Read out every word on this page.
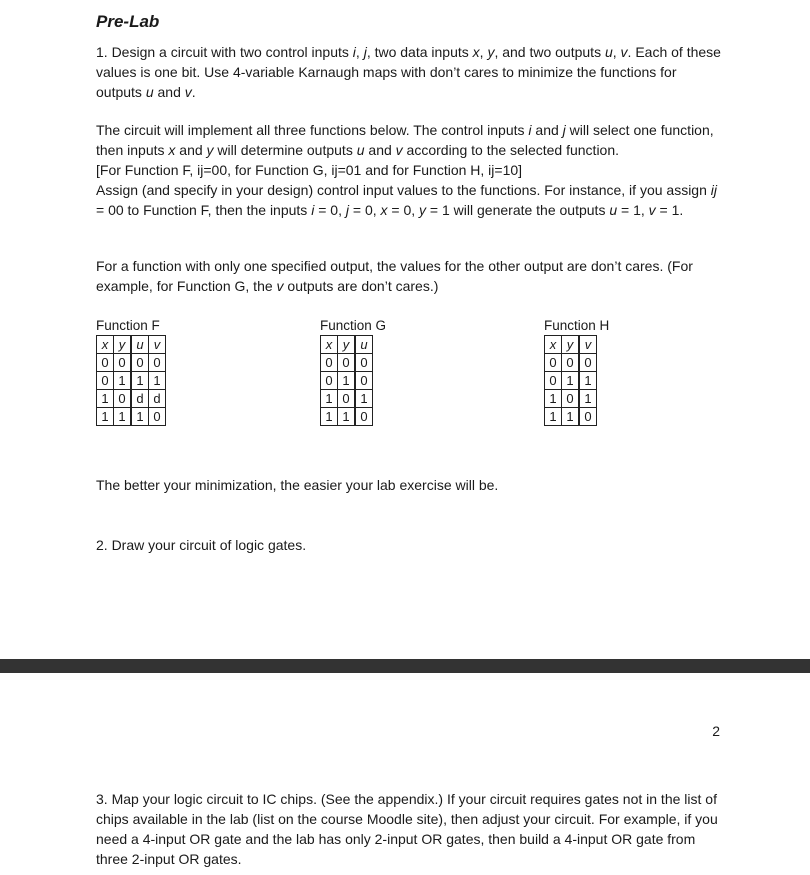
Pre-Lab

1. Design a circuit with two control inputs i, j, two data inputs x, y, and two outputs u, v. Each of these values is one bit. Use 4-variable Karnaugh maps with don’t cares to minimize the functions for outputs u and v.

The circuit will implement all three functions below. The control inputs i and j will select one function, then inputs x and y will determine outputs u and v according to the selected function.
[For Function F, ij=00, for Function G, ij=01 and for Function H, ij=10]
Assign (and specify in your design) control input values to the functions. For instance, if you assign ij = 00 to Function F, then the inputs i = 0, j = 0, x = 0, y = 1 will generate the outputs u = 1, v = 1.

For a function with only one specified output, the values for the other output are don’t cares. (For example, for Function G, the v outputs are don’t cares.)

Function F
x	y	u	v
0	0	0	0
0	1	1	1
1	0	d	d
1	1	1	0
Function G
x	y	u
0	0	0
0	1	0
1	0	1
1	1	0
Function H
x	y	v
0	0	0
0	1	1
1	0	1
1	1	0
The better your minimization, the easier your lab exercise will be.
2. Draw your circuit of logic gates.
2
3. Map your logic circuit to IC chips. (See the appendix.) If your circuit requires gates not in the list of chips available in the lab (list on the course Moodle site), then adjust your circuit. For example, if you need a 4-input OR gate and the lab has only 2-input OR gates, then build a 4-input OR gate from three 2-input OR gates.
